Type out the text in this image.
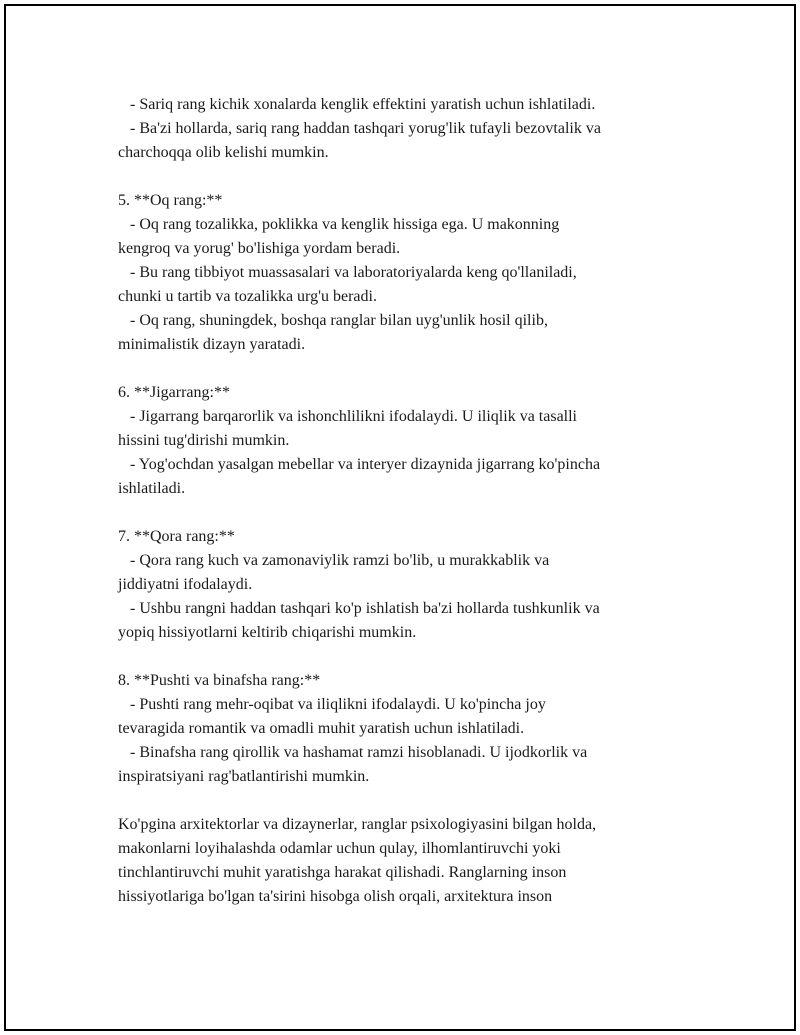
- Sariq rang kichik xonalarda kenglik effektini yaratish uchun ishlatiladi.
- Ba'zi hollarda, sariq rang haddan tashqari yorug'lik tufayli bezovtalik va
charchoqqa olib kelishi mumkin.
5. **Oq rang:**
- Oq rang tozalikka, poklikka va kenglik hissiga ega. U makonning
kengroq va yorug' bo'lishiga yordam beradi.
- Bu rang tibbiyot muassasalari va laboratoriyalarda keng qo'llaniladi,
chunki u tartib va tozalikka urg'u beradi.
- Oq rang, shuningdek, boshqa ranglar bilan uyg'unlik hosil qilib,
minimalistik dizayn yaratadi.
6. **Jigarrang:**
- Jigarrang barqarorlik va ishonchlilikni ifodalaydi. U iliqlik va tasalli
hissini tug'dirishi mumkin.
- Yog'ochdan yasalgan mebellar va interyer dizaynida jigarrang ko'pincha
ishlatiladi.
7. **Qora rang:**
- Qora rang kuch va zamonaviylik ramzi bo'lib, u murakkablik va
jiddiyatni ifodalaydi.
- Ushbu rangni haddan tashqari ko'p ishlatish ba'zi hollarda tushkunlik va
yopiq hissiyotlarni keltirib chiqarishi mumkin.
8. **Pushti va binafsha rang:**
- Pushti rang mehr-oqibat va iliqlikni ifodalaydi. U ko'pincha joy
tevaragida romantik va omadli muhit yaratish uchun ishlatiladi.
- Binafsha rang qirollik va hashamat ramzi hisoblanadi. U ijodkorlik va
inspiratsiyani rag'batlantirishi mumkin.
Ko'pgina arxitektorlar va dizaynerlar, ranglar psixologiyasini bilgan holda,
makonlarni loyihalashda odamlar uchun qulay, ilhomlantiruvchi yoki
tinchlantiruvchi muhit yaratishga harakat qilishadi. Ranglarning inson
hissiyotlariga bo'lgan ta'sirini hisobga olish orqali, arxitektura inson
